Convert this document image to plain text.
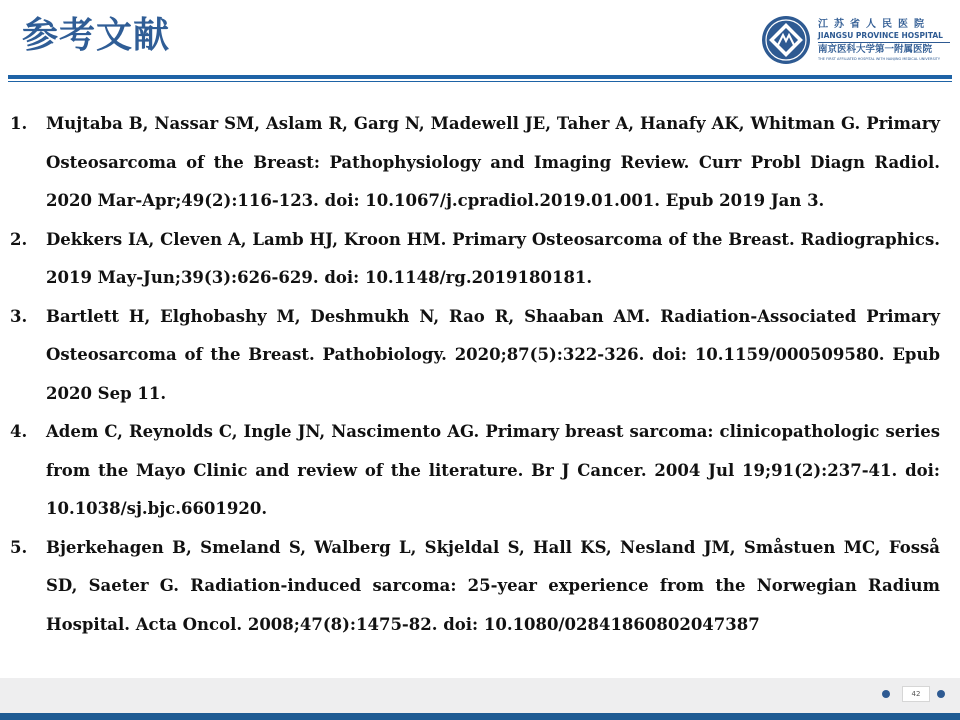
参考文献	江苏省人民医院
JIANGSU PROVINCE HOSPITAL
南京医科大学第一附属医院
THE FIRST AFFILIATED HOSPITAL WITH NANJING MEDICAL UNIVERSITY
1. Mujtaba B, Nassar SM, Aslam R, Garg N, Madewell JE, Taher A, Hanafy AK, Whitman G. Primary Osteosarcoma of the Breast: Pathophysiology and Imaging Review. Curr Probl Diagn Radiol. 2020 Mar-Apr;49(2):116-123. doi: 10.1067/j.cpradiol.2019.01.001. Epub 2019 Jan 3.
2. Dekkers IA, Cleven A, Lamb HJ, Kroon HM. Primary Osteosarcoma of the Breast. Radiographics. 2019 May-Jun;39(3):626-629. doi: 10.1148/rg.2019180181.
3. Bartlett H, Elghobashy M, Deshmukh N, Rao R, Shaaban AM. Radiation-Associated Primary Osteosarcoma of the Breast. Pathobiology. 2020;87(5):322-326. doi: 10.1159/000509580. Epub 2020 Sep 11.
4. Adem C, Reynolds C, Ingle JN, Nascimento AG. Primary breast sarcoma: clinicopathologic series from the Mayo Clinic and review of the literature. Br J Cancer. 2004 Jul 19;91(2):237-41. doi: 10.1038/sj.bjc.6601920.
5. Bjerkehagen B, Smeland S, Walberg L, Skjeldal S, Hall KS, Nesland JM, Småstuen MC, Fosså SD, Saeter G. Radiation-induced sarcoma: 25-year experience from the Norwegian Radium Hospital. Acta Oncol. 2008;47(8):1475-82. doi: 10.1080/02841860802047387
42
